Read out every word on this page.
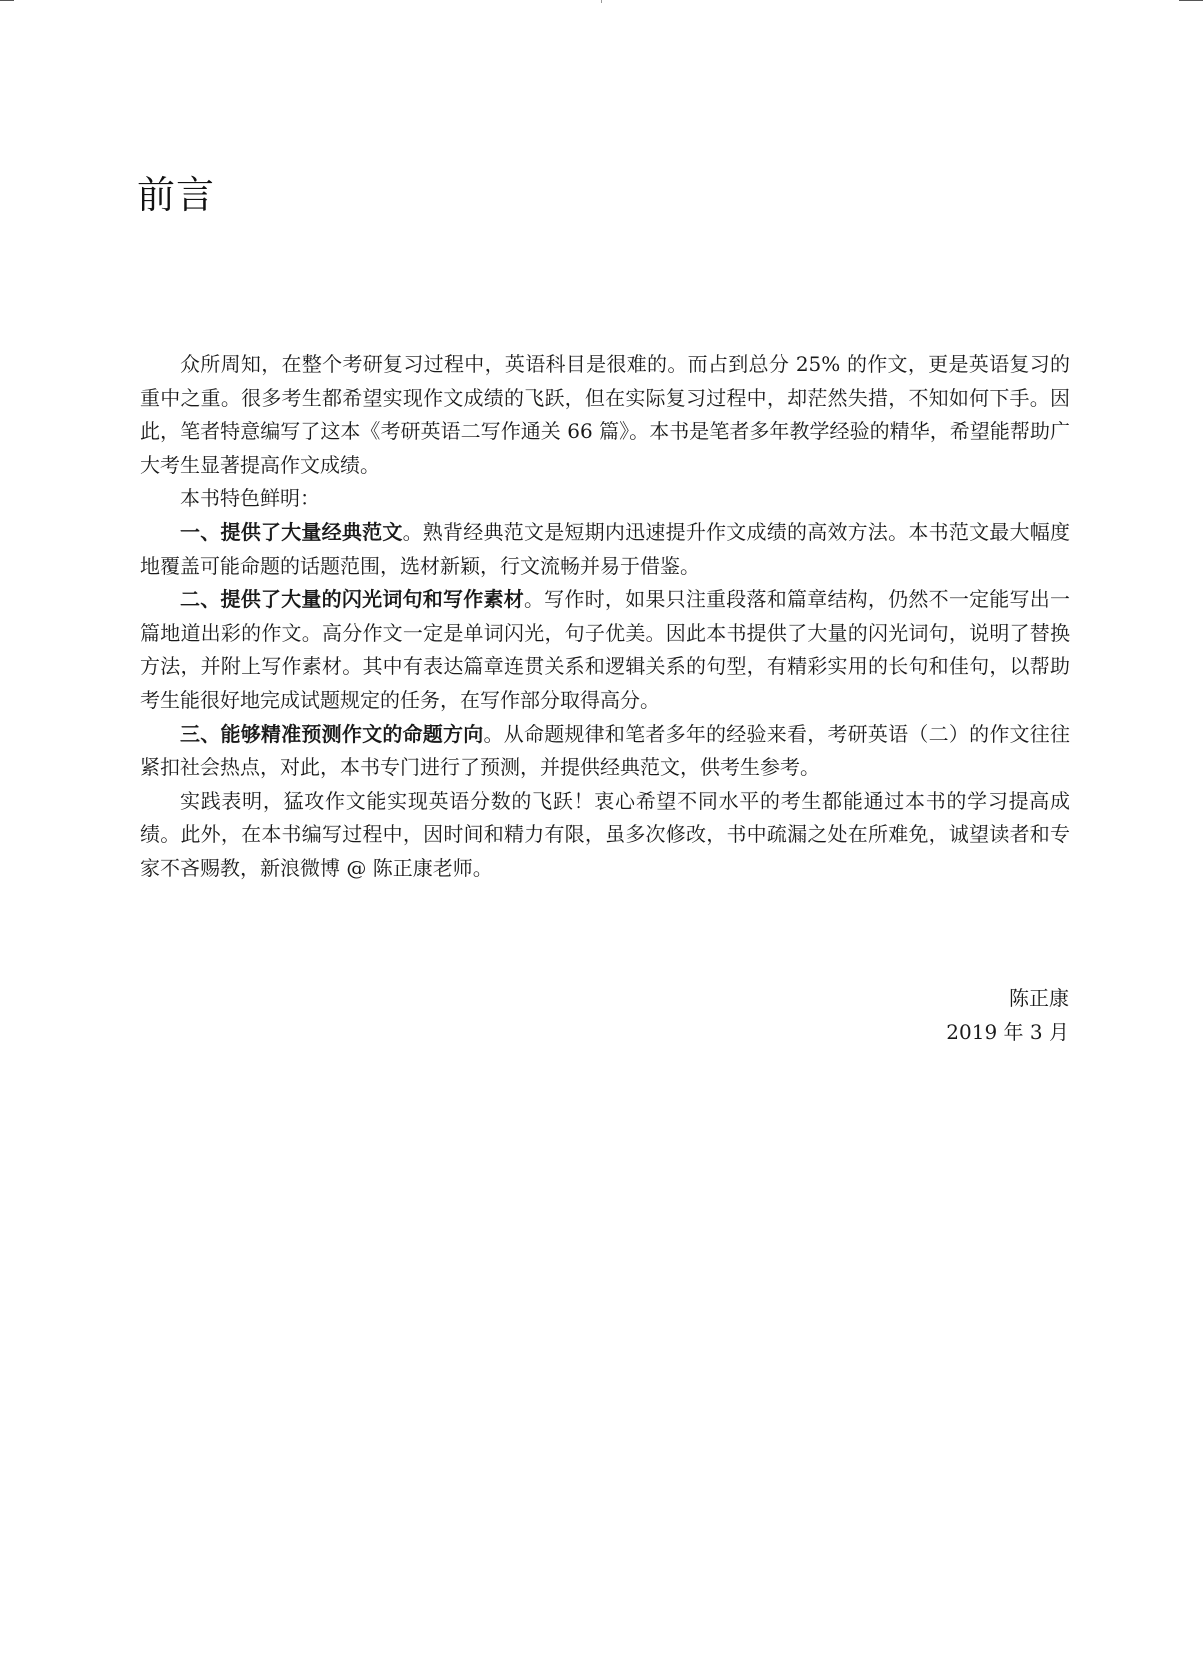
前言

众所周知，在整个考研复习过程中，英语科目是很难的。而占到总分 25% 的作文，更是英语复习的重中之重。很多考生都希望实现作文成绩的飞跃，但在实际复习过程中，却茫然失措，不知如何下手。因此，笔者特意编写了这本《考研英语二写作通关 66 篇》。本书是笔者多年教学经验的精华，希望能帮助广大考生显著提高作文成绩。

本书特色鲜明：

一、提供了大量经典范文。熟背经典范文是短期内迅速提升作文成绩的高效方法。本书范文最大幅度地覆盖可能命题的话题范围，选材新颖，行文流畅并易于借鉴。

二、提供了大量的闪光词句和写作素材。写作时，如果只注重段落和篇章结构，仍然不一定能写出一篇地道出彩的作文。高分作文一定是单词闪光，句子优美。因此本书提供了大量的闪光词句，说明了替换方法，并附上写作素材。其中有表达篇章连贯关系和逻辑关系的句型，有精彩实用的长句和佳句，以帮助考生能很好地完成试题规定的任务，在写作部分取得高分。

三、能够精准预测作文的命题方向。从命题规律和笔者多年的经验来看，考研英语（二）的作文往往紧扣社会热点，对此，本书专门进行了预测，并提供经典范文，供考生参考。

实践表明，猛攻作文能实现英语分数的飞跃！衷心希望不同水平的考生都能通过本书的学习提高成绩。此外，在本书编写过程中，因时间和精力有限，虽多次修改，书中疏漏之处在所难免，诚望读者和专家不吝赐教，新浪微博 @ 陈正康老师。

陈正康
2019 年 3 月
